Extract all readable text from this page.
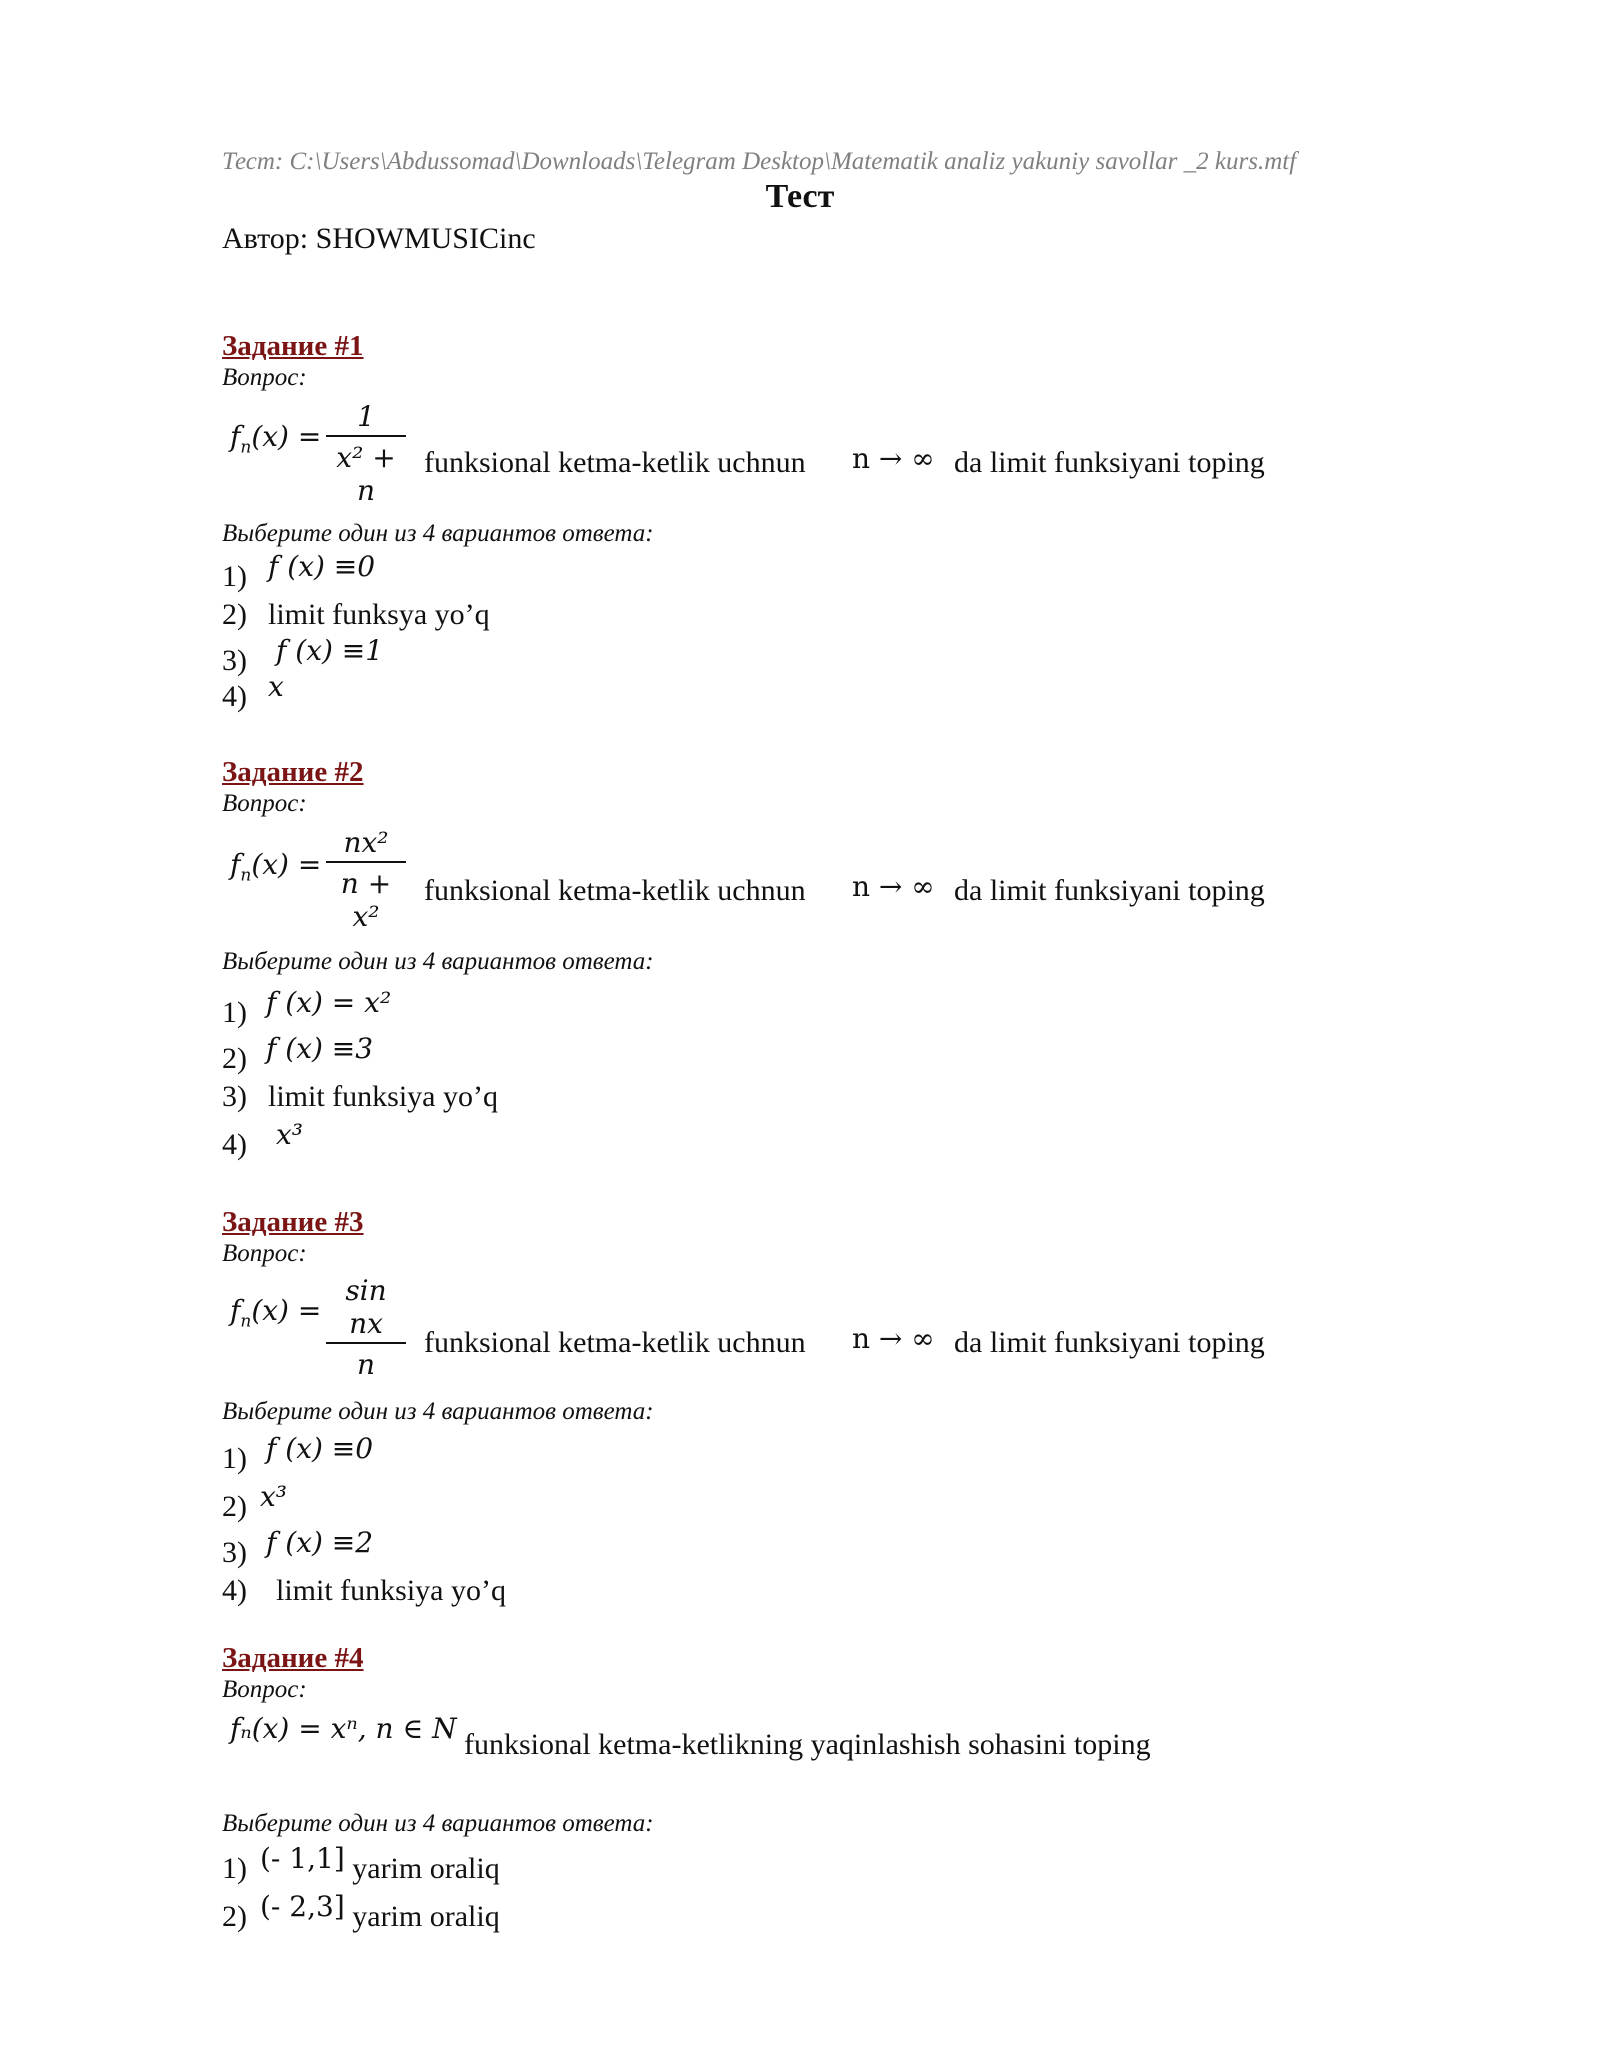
Тест: C:\Users\Abdussomad\Downloads\Telegram Desktop\Matematik analiz yakuniy savollar _2 kurs.mtf
Тест
Автор: SHOWMUSICinc
Задание #1
Вопрос:
$f_n(x)$ =
1
x² + n
funksional ketma-ketlik uchnun n → ∞ da limit funksiyani toping
Выберите один из 4 вариантов ответа:
1) f (x) ≡0
2) limit funksya yo’q
3) f (x) ≡1
4) x
Задание #2
Вопрос:
$f_n(x)$ =
nx²
n + x²
funksional ketma-ketlik uchnun n → ∞ da limit funksiyani toping
Выберите один из 4 вариантов ответа:
1) f (x) = x²
2) f (x) ≡3
3) limit funksiya yo’q
4) x³
Задание #3
Вопрос:
$f_n(x)$ =
sin nx
n
funksional ketma-ketlik uchnun n → ∞ da limit funksiyani toping
Выберите один из 4 вариантов ответа:
1) f (x) ≡0
2) x³
3) f (x) ≡2
4) limit funksiya yo’q
Задание #4
Вопрос:
fₙ(x) = xⁿ, n ∈ N funksional ketma-ketlikning yaqinlashish sohasini toping
Выберите один из 4 вариантов ответа:
1) (- 1,1] yarim oraliq
2) (- 2,3] yarim oraliq
